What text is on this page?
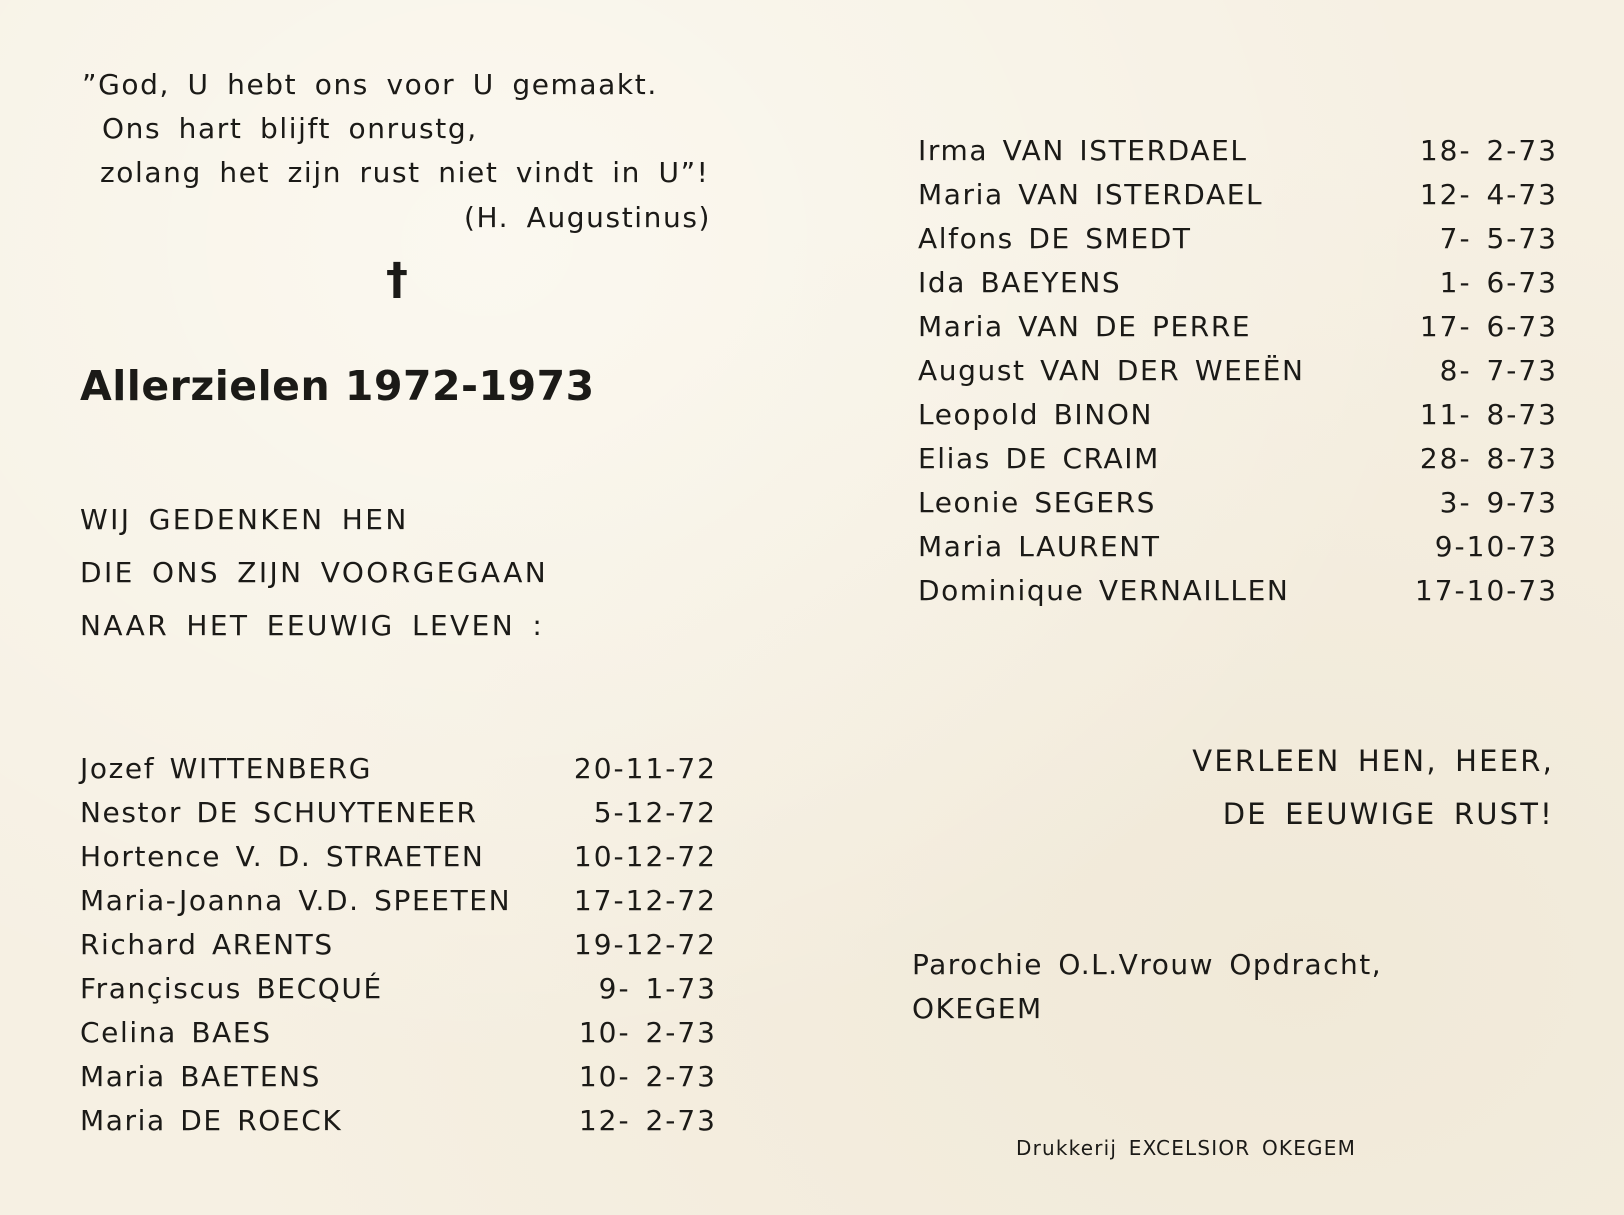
”God, U hebt ons voor U gemaakt.
Ons hart blijft onrustg,
zolang het zijn rust niet vindt in U”!
(H. Augustinus)
†
Allerzielen 1972-1973
WIJ GEDENKEN HEN
DIE ONS ZIJN VOORGEGAAN
NAAR HET EEUWIG LEVEN :
Jozef WITTENBERG	20-11-72
Nestor DE SCHUYTENEER	5-12-72
Hortence V. D. STRAETEN	10-12-72
Maria-Joanna V.D. SPEETEN 17-12-72
Richard ARENTS	19-12-72
Françiscus BECQUÉ	9- 1-73
Celina BAES	10- 2-73
Maria BAETENS	10- 2-73
Maria DE ROECK	12- 2-73
Irma VAN ISTERDAEL	18- 2-73
Maria VAN ISTERDAEL	12- 4-73
Alfons DE SMEDT	7- 5-73
Ida BAEYENS	1- 6-73
Maria VAN DE PERRE	17- 6-73
August VAN DER WEEËN	8- 7-73
Leopold BINON	11- 8-73
Elias DE CRAIM	28- 8-73
Leonie SEGERS	3- 9-73
Maria LAURENT	9-10-73
Dominique VERNAILLEN	17-10-73
VERLEEN HEN, HEER,
DE EEUWIGE RUST!
Parochie O.L.Vrouw Opdracht,
OKEGEM
Drukkerij EXCELSIOR OKEGEM
